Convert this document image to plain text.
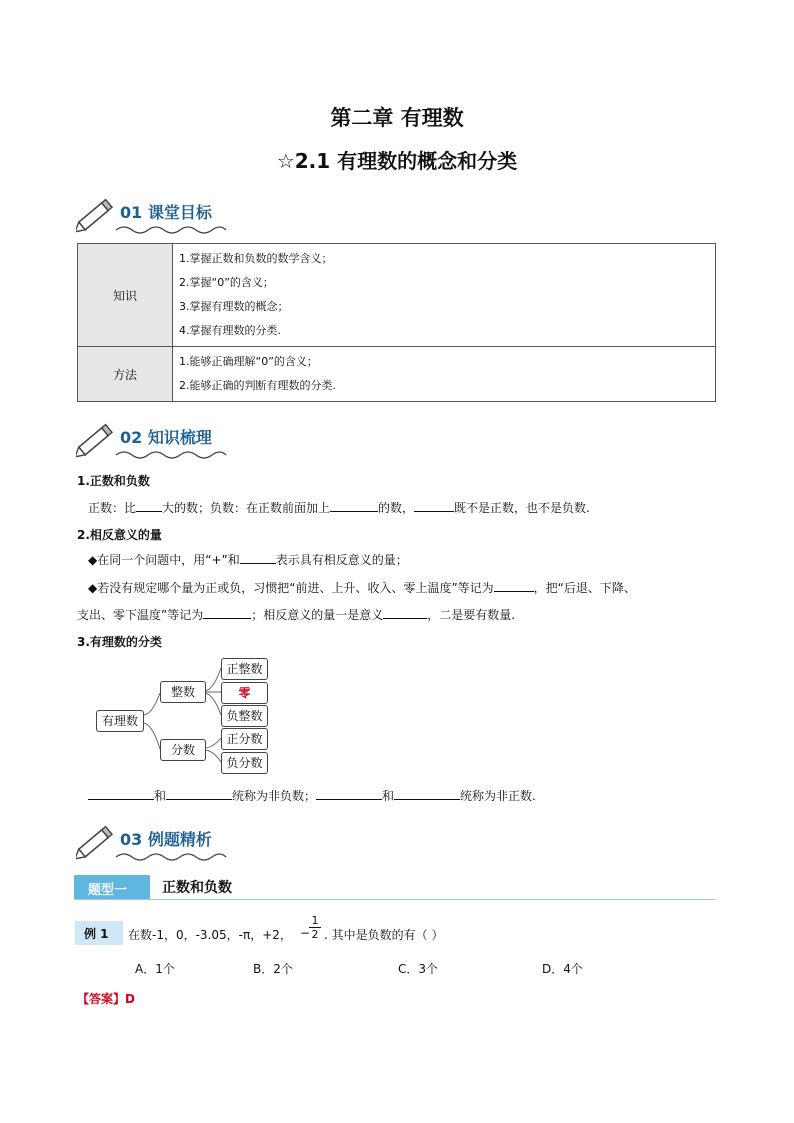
第二章 有理数
☆2.1 有理数的概念和分类
01 课堂目标
知识	1.掌握正数和负数的数学含义；
2.掌握“0”的含义；
3.掌握有理数的概念；
4.掌握有理数的分类.

方法	1.能够正确理解“0”的含义；
2.能够正确的判断有理数的分类.
02 知识梳理
1.正数和负数
正数：比 大的数；负数：在正数前面加上	的数，	既不是正数，也不是负数.
2.相反意义的量
◆在同一个问题中，用“+”和	表示具有相反意义的量；
◆若没有规定哪个量为正或负，习惯把“前进、上升、收入、零上温度”等记为	，把“后退、下降、
支出、零下温度”等记为	；相反意义的量一是意义	，二是要有数量.
3.有理数的分类
有理数
整数
分数
正整数
零
负整数
正分数
负分数
和	统称为非负数；	和	统称为非正数.
03 例题精析
题型一 正数和负数
例 1 在数-1，0，-3.05，-π，+2， −
$\frac{1}{2}$ . 其中是负数的有（ ）
A．1个	B．2个	C．3个	D．4个
【答案】D
